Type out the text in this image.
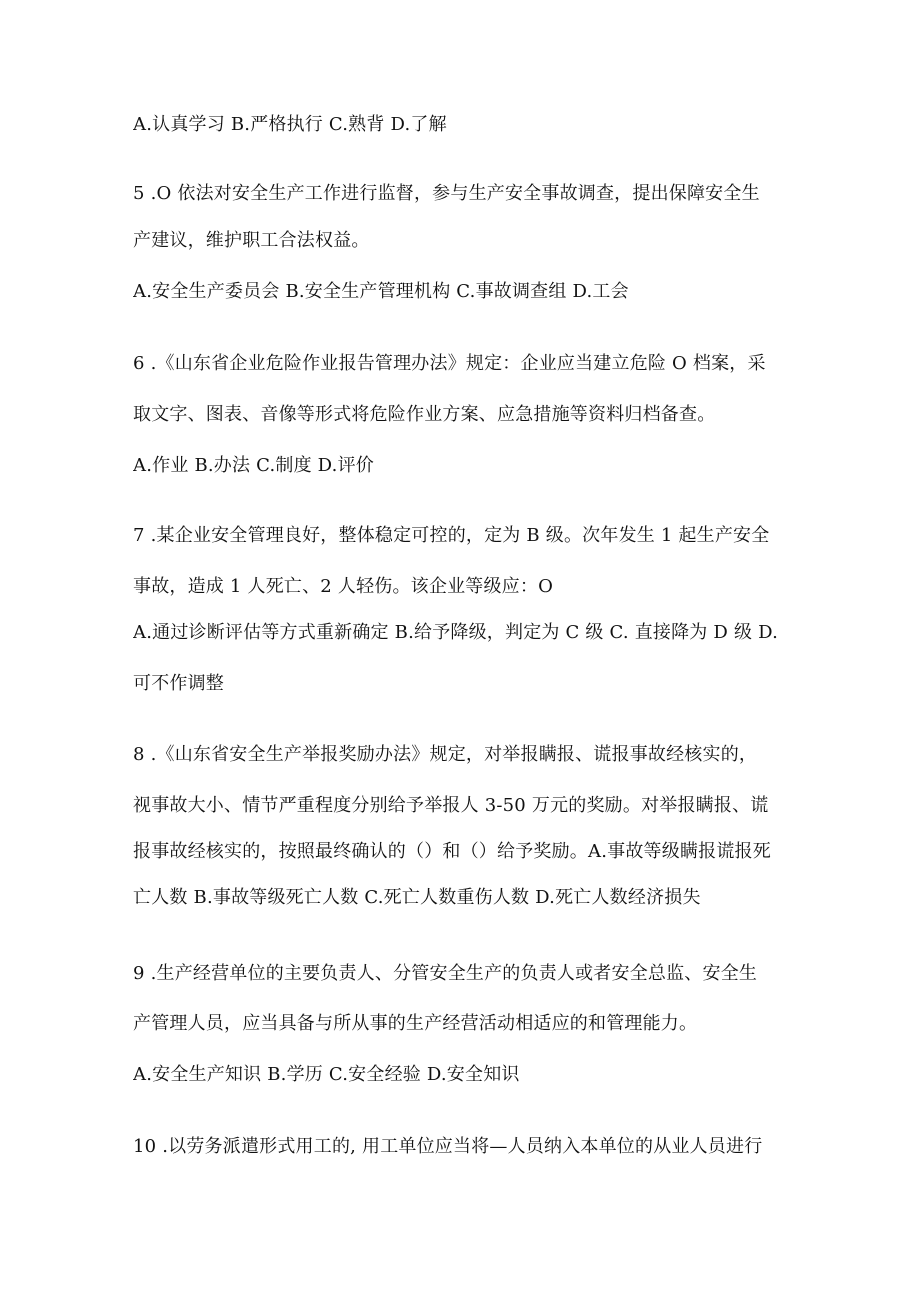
A.认真学习 B.严格执行 C.熟背 D.了解
5 .O 依法对安全生产工作进行监督，参与生产安全事故调查，提出保障安全生
产建议，维护职工合法权益。
A.安全生产委员会 B.安全生产管理机构 C.事故调查组 D.工会
6 .《山东省企业危险作业报告管理办法》规定：企业应当建立危险 O 档案，采
取文字、图表、音像等形式将危险作业方案、应急措施等资料归档备查。
A.作业 B.办法 C.制度 D.评价
7 .某企业安全管理良好，整体稳定可控的，定为 B 级。次年发生 1 起生产安全
事故，造成 1 人死亡、2 人轻伤。该企业等级应：O
A.通过诊断评估等方式重新确定 B.给予降级，判定为 C 级 C. 直接降为 D 级 D.
可不作调整
8 .《山东省安全生产举报奖励办法》规定，对举报瞒报、谎报事故经核实的，
视事故大小、情节严重程度分别给予举报人 3-50 万元的奖励。对举报瞒报、谎
报事故经核实的，按照最终确认的（）和（）给予奖励。A.事故等级瞒报谎报死
亡人数 B.事故等级死亡人数 C.死亡人数重伤人数 D.死亡人数经济损失
9 .生产经营单位的主要负责人、分管安全生产的负责人或者安全总监、安全生
产管理人员，应当具备与所从事的生产经营活动相适应的和管理能力。
A.安全生产知识 B.学历 C.安全经验 D.安全知识
10 .以劳务派遣形式用工的, 用工单位应当将—人员纳入本单位的从业人员进行
